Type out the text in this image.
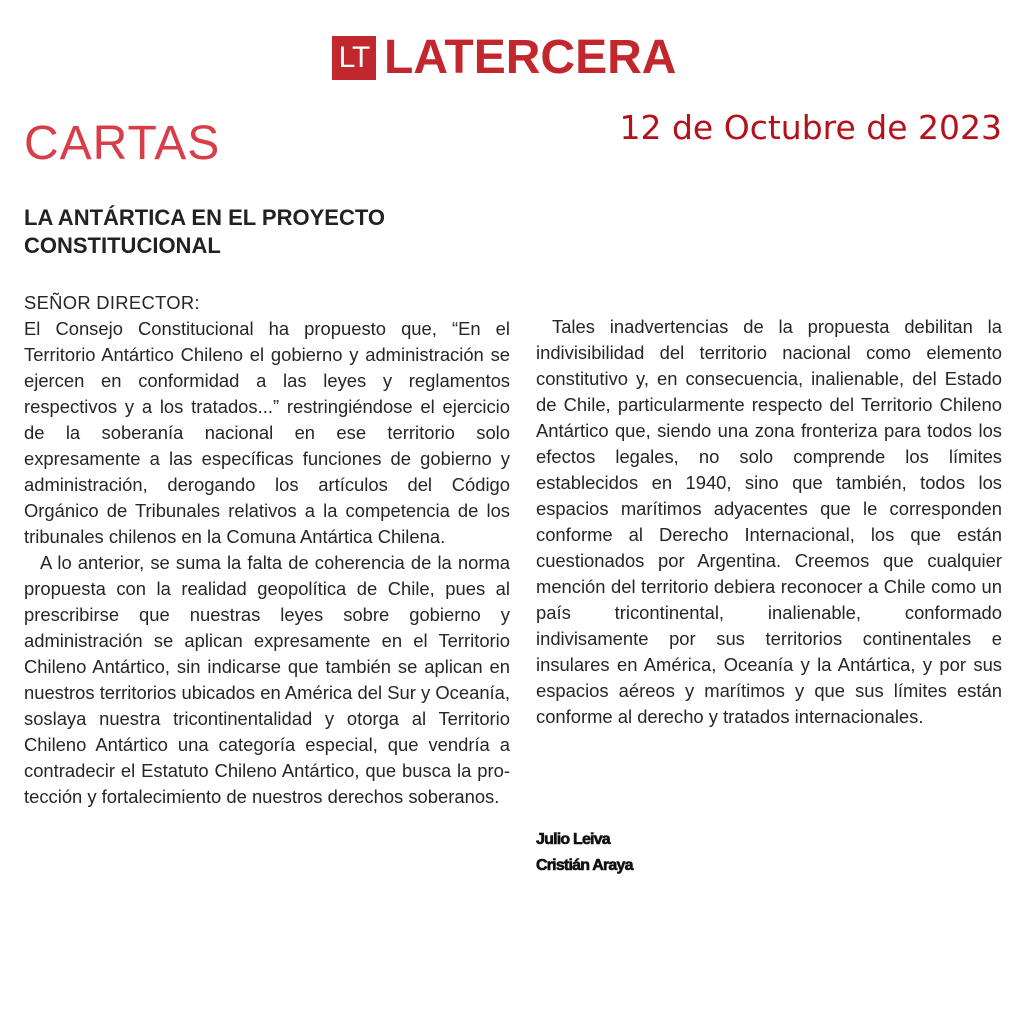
LT LATERCERA
CARTAS	12 de Octubre de 2023
LA ANTÁRTICA EN EL PROYECTO CONSTITUCIONAL
SEÑOR DIRECTOR:

El Consejo Constitucional ha propuesto que, “En el Territorio Antártico Chileno el gobierno y administración se ejercen en conformidad a las leyes y reglamentos respectivos y a los tratados...” restringiéndose el ejercicio de la soberanía nacional en ese territorio solo expresamente a las específicas funciones de gobierno y administración, derogando los artículos del Código Orgánico de Tribunales relativos a la competencia de los tribunales chilenos en la Comuna Antártica Chilena.

A lo anterior, se suma la falta de coherencia de la norma propuesta con la realidad geopolítica de Chile, pues al prescribirse que nuestras leyes sobre gobierno y administración se aplican expresamente en el Territorio Chileno Antártico, sin indicarse que también se aplican en nuestros territorios ubicados en América del Sur y Oceanía, soslaya nuestra tricontinentalidad y otorga al Territorio Chileno Antártico una categoría especial, que vendría a contradecir el Estatuto Chileno Antártico, que busca la protección y fortalecimiento de nuestros derechos soberanos.

Tales inadvertencias de la propuesta debilitan la indivisibilidad del territorio nacional como elemento constitutivo y, en consecuencia, inalienable, del Estado de Chile, particularmente respecto del Territorio Chileno Antártico que, siendo una zona fronteriza para todos los efectos legales, no solo comprende los límites establecidos en 1940, sino que también, todos los espacios marítimos adyacentes que le corresponden conforme al Derecho Internacional, los que están cuestionados por Argentina. Creemos que cualquier mención del territorio debiera reconocer a Chile como un país tricontinental, inalienable, conformado indivisamente por sus territorios continentales e insulares en América, Oceanía y la Antártica, y por sus espacios aéreos y marítimos y que sus límites están conforme al derecho y tratados internacionales.

Julio Leiva
Cristián Araya
